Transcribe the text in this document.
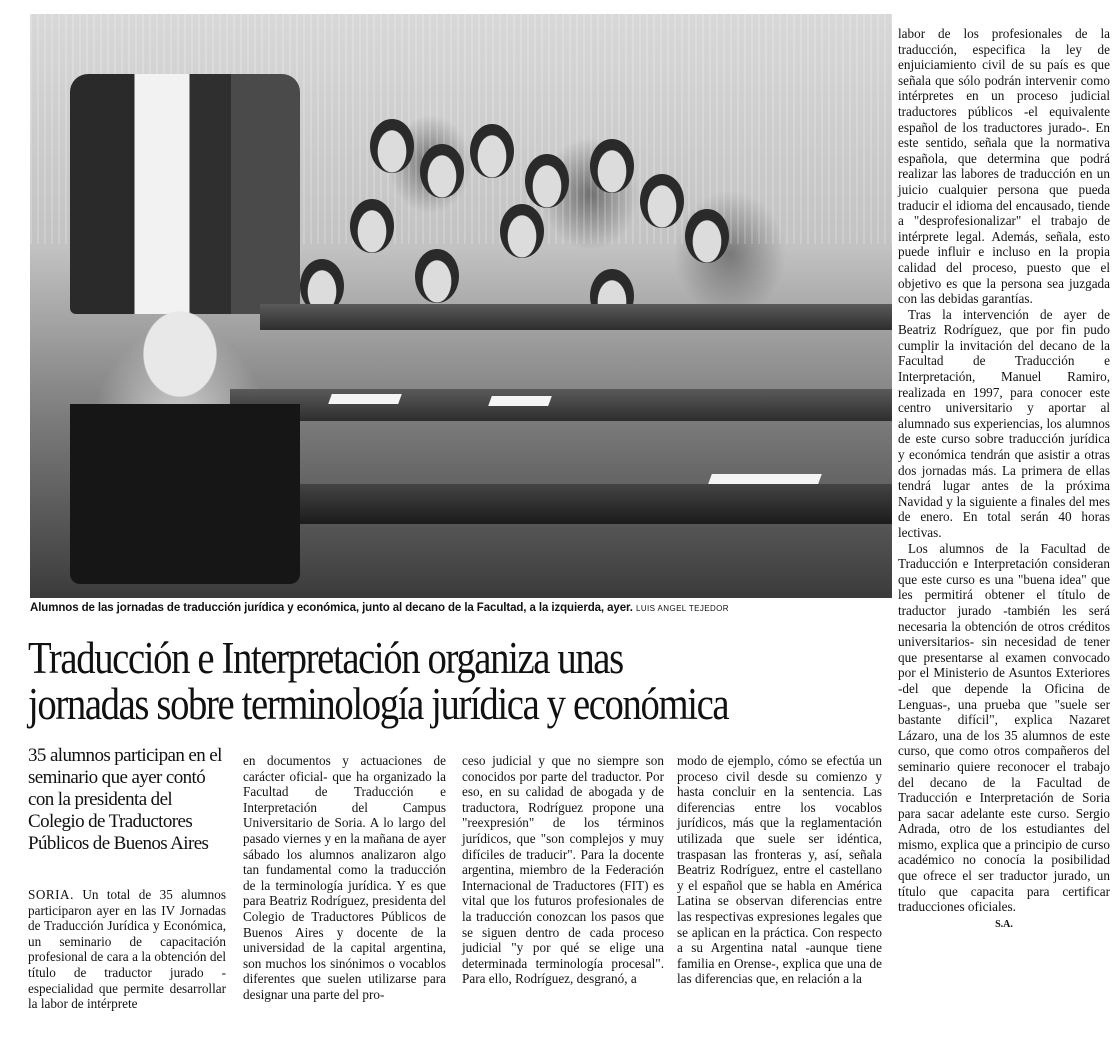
Alumnos de las jornadas de traducción jurídica y económica, junto al decano de la Facultad, a la izquierda, ayer. LUIS ANGEL TEJEDOR
Traducción e Interpretación organiza unas
jornadas sobre terminología jurídica y económica
35 alumnos participan en el seminario que ayer contó con la presidenta del Colegio de Traductores Públicos de Buenos Aires

SORIA. Un total de 35 alumnos participaron ayer en las IV Jornadas de Traducción Jurídica y Económica, un seminario de capacitación profesional de cara a la obtención del título de traductor jurado -especialidad que permite desarrollar la labor de intérprete

en documentos y actuaciones de carácter oficial- que ha organizado la Facultad de Traducción e Interpretación del Campus Universitario de Soria. A lo largo del pasado viernes y en la mañana de ayer sábado los alumnos analizaron algo tan fundamental como la traducción de la terminología jurídica. Y es que para Beatriz Rodríguez, presidenta del Colegio de Traductores Públicos de Buenos Aires y docente de la universidad de la capital argentina, son muchos los sinónimos o vocablos diferentes que suelen utilizarse para designar una parte del pro-

ceso judicial y que no siempre son conocidos por parte del traductor. Por eso, en su calidad de abogada y de traductora, Rodríguez propone una "reexpresión" de los términos jurídicos, que "son complejos y muy difíciles de traducir". Para la docente argentina, miembro de la Federación Internacional de Traductores (FIT) es vital que los futuros profesionales de la traducción conozcan los pasos que se siguen dentro de cada proceso judicial "y por qué se elige una determinada terminología procesal". Para ello, Rodríguez, desgranó, a

modo de ejemplo, cómo se efectúa un proceso civil desde su comienzo y hasta concluir en la sentencia. Las diferencias entre los vocablos jurídicos, más que la reglamentación utilizada que suele ser idéntica, traspasan las fronteras y, así, señala Beatriz Rodríguez, entre el castellano y el español que se habla en América Latina se observan diferencias entre las respectivas expresiones legales que se aplican en la práctica. Con respecto a su Argentina natal -aunque tiene familia en Orense-, explica que una de las diferencias que, en relación a la

labor de los profesionales de la traducción, especifica la ley de enjuiciamiento civil de su país es que señala que sólo podrán intervenir como intérpretes en un proceso judicial traductores públicos -el equivalente español de los traductores jurado-. En este sentido, señala que la normativa española, que determina que podrá realizar las labores de traducción en un juicio cualquier persona que pueda traducir el idioma del encausado, tiende a "desprofesionalizar" el trabajo de intérprete legal. Además, señala, esto puede influir e incluso en la propia calidad del proceso, puesto que el objetivo es que la persona sea juzgada con las debidas garantías.

Tras la intervención de ayer de Beatriz Rodríguez, que por fin pudo cumplir la invitación del decano de la Facultad de Traducción e Interpretación, Manuel Ramiro, realizada en 1997, para conocer este centro universitario y aportar al alumnado sus experiencias, los alumnos de este curso sobre traducción jurídica y económica tendrán que asistir a otras dos jornadas más. La primera de ellas tendrá lugar antes de la próxima Navidad y la siguiente a finales del mes de enero. En total serán 40 horas lectivas.

Los alumnos de la Facultad de Traducción e Interpretación consideran que este curso es una "buena idea" que les permitirá obtener el título de traductor jurado -también les será necesaria la obtención de otros créditos universitarios- sin necesidad de tener que presentarse al examen convocado por el Ministerio de Asuntos Exteriores -del que depende la Oficina de Lenguas-, una prueba que "suele ser bastante difícil", explica Nazaret Lázaro, una de los 35 alumnos de este curso, que como otros compañeros del seminario quiere reconocer el trabajo del decano de la Facultad de Traducción e Interpretación de Soria para sacar adelante este curso. Sergio Adrada, otro de los estudiantes del mismo, explica que a principio de curso académico no conocía la posibilidad que ofrece el ser traductor jurado, un título que capacita para certificar traducciones oficiales.

S.A.
